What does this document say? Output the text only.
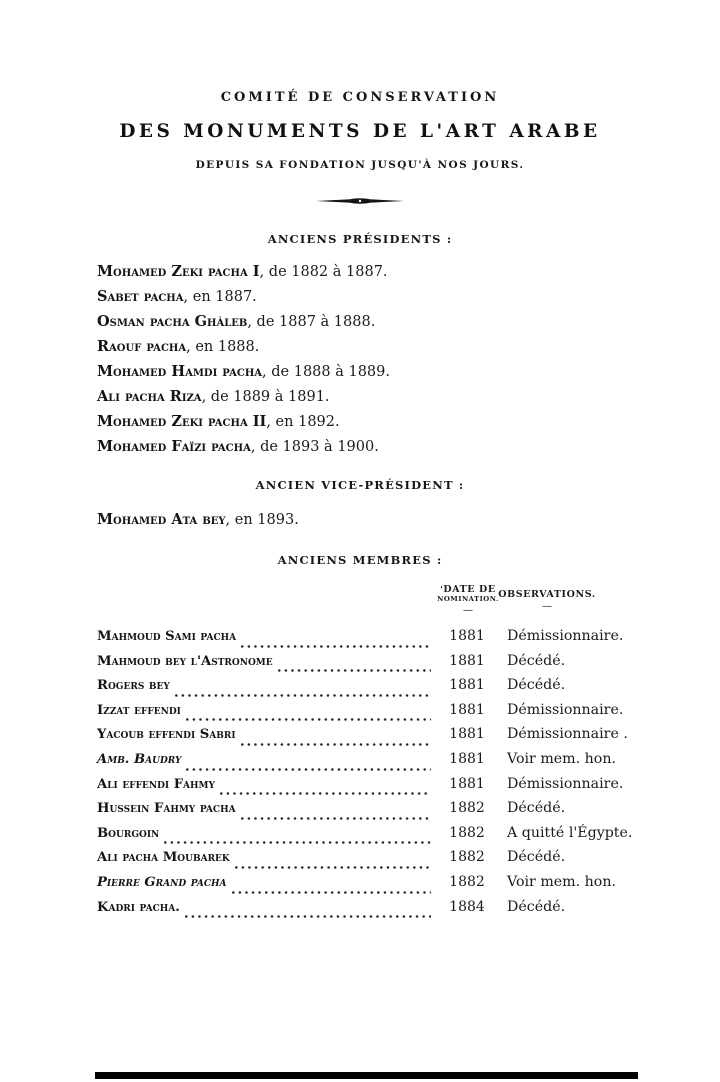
COMITÉ DE CONSERVATION
DES MONUMENTS DE L'ART ARABE
DEPUIS SA FONDATION JUSQU'À NOS JOURS.
ANCIENS PRÉSIDENTS :
Mohamed Zeki pacha I, de 1882 à 1887.
Sabet pacha, en 1887.
Osman pacha Ghàleb, de 1887 à 1888.
Raouf pacha, en 1888.
Mohamed Hamdi pacha, de 1888 à 1889.
Ali pacha Riza, de 1889 à 1891.
Mohamed Zeki pacha II, en 1892.
Mohamed Faïzi pacha, de 1893 à 1900.
ANCIEN VICE-PRÉSIDENT :
Mohamed Ata bey, en 1893.
ANCIENS MEMBRES :
'DATE DE
NOMINATION.
—
OBSERVATIONS.
—
Mahmoud Sami pacha	1881	Démissionnaire.
Mahmoud bey l'Astronome	1881	Décédé.
Rogers bey	1881	Décédé.
Izzat effendi	1881	Démissionnaire.
Yacoub effendi Sabri	1881	Démissionnaire .
Amb. Baudry	1881	Voir mem. hon.
Ali effendi Fahmy	1881	Démissionnaire.
Hussein Fahmy pacha	1882	Décédé.
Bourgoin	1882	A quitté l'Égypte.
Ali pacha Moubarek	1882	Décédé.
Pierre Grand pacha	1882	Voir mem. hon.
Kadri pacha.	1884	Décédé.
